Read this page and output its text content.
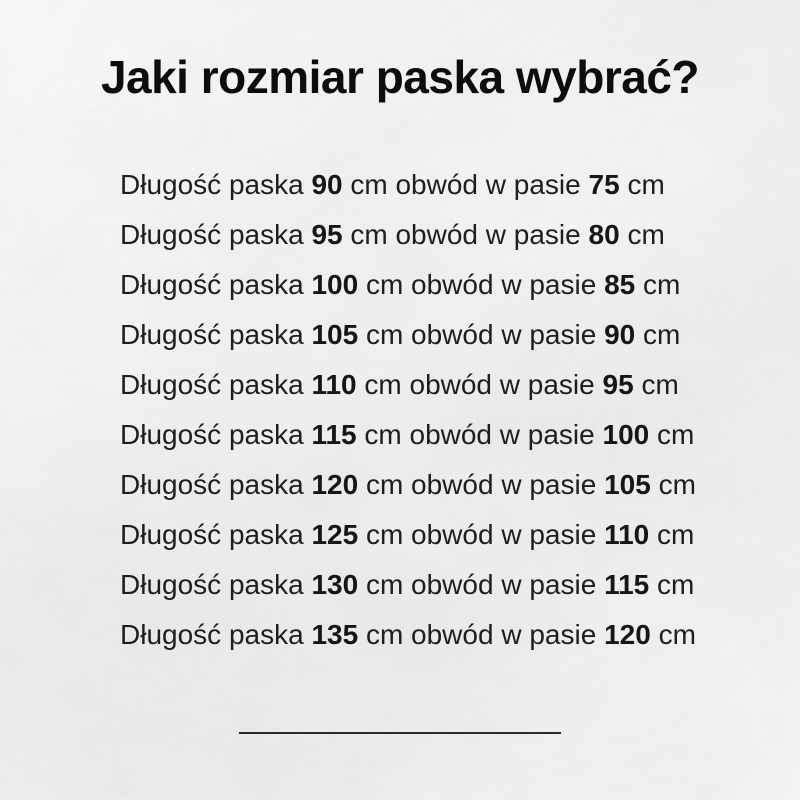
Jaki rozmiar paska wybrać?

Długość paska 90 cm obwód w pasie 75 cm

Długość paska 95 cm obwód w pasie 80 cm

Długość paska 100 cm obwód w pasie 85 cm

Długość paska 105 cm obwód w pasie 90 cm

Długość paska 110 cm obwód w pasie 95 cm

Długość paska 115 cm obwód w pasie 100 cm

Długość paska 120 cm obwód w pasie 105 cm

Długość paska 125 cm obwód w pasie 110 cm

Długość paska 130 cm obwód w pasie 115 cm

Długość paska 135 cm obwód w pasie 120 cm
